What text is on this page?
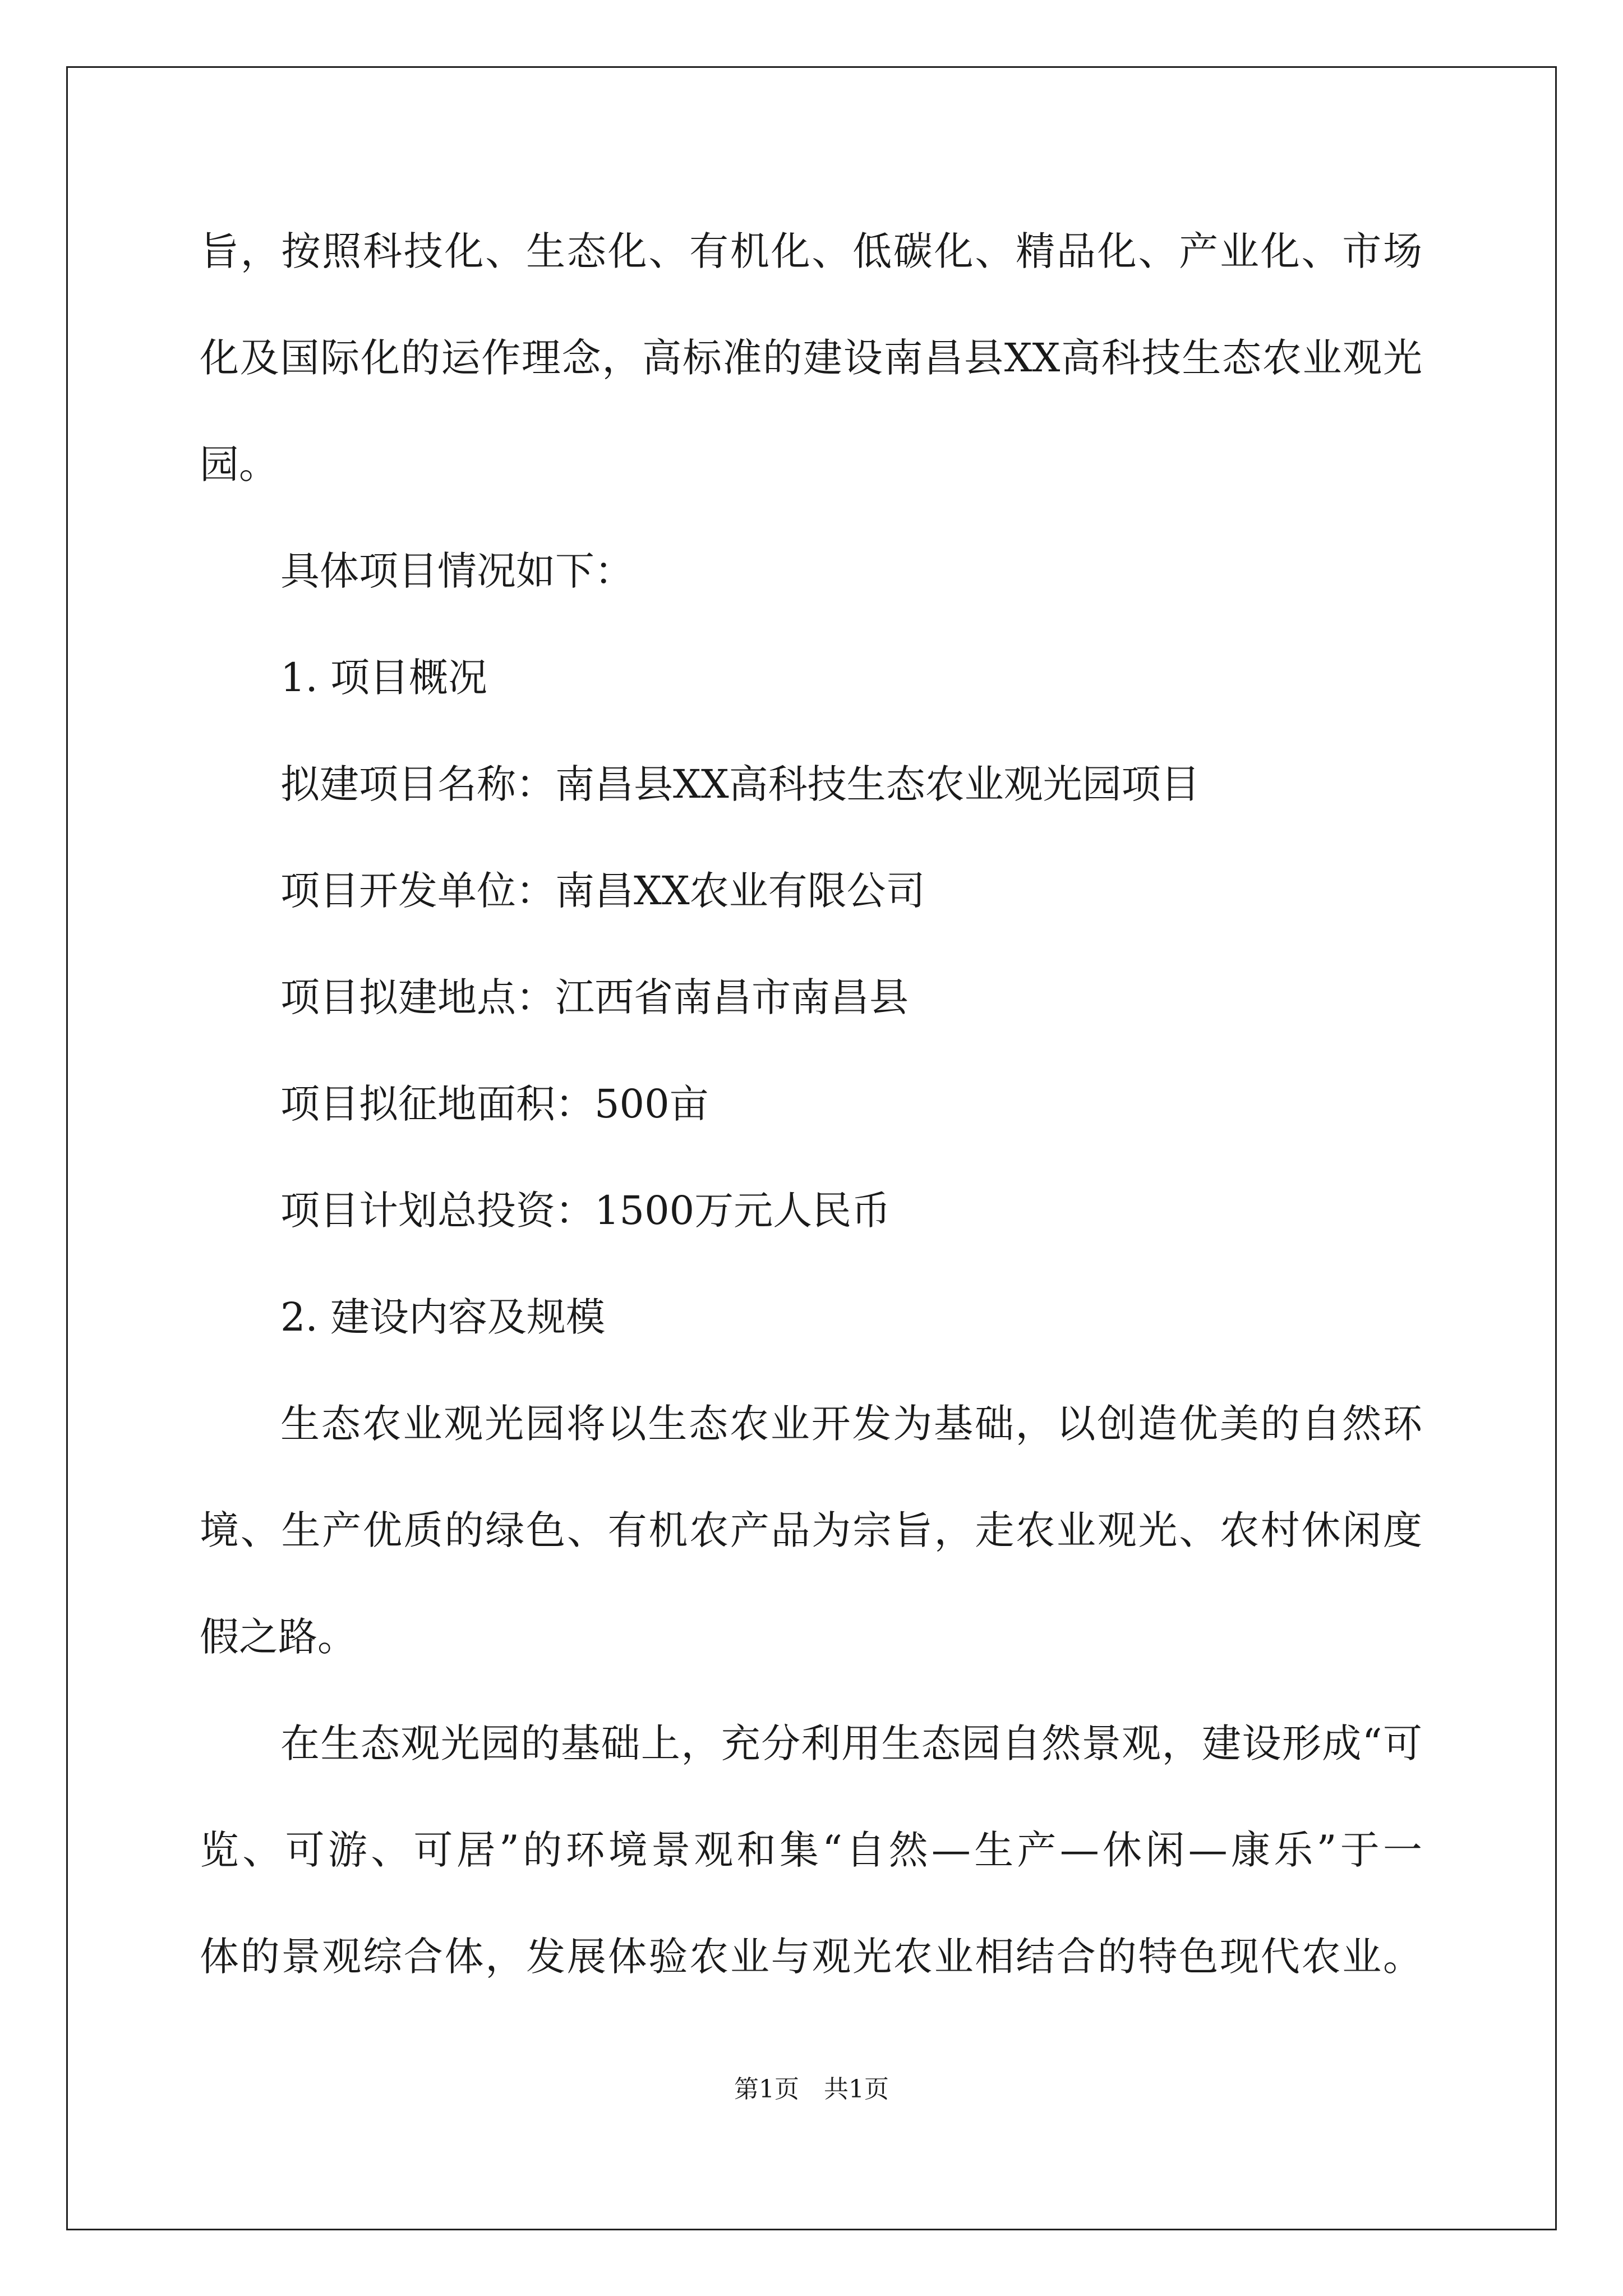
旨，按照科技化、生态化、有机化、低碳化、精品化、产业化、市场
化及国际化的运作理念，高标准的建设南昌县XX高科技生态农业观光
园。
具体项目情况如下：
1. 项目概况
拟建项目名称：南昌县XX高科技生态农业观光园项目
项目开发单位：南昌XX农业有限公司
项目拟建地点：江西省南昌市南昌县
项目拟征地面积：500亩
项目计划总投资：1500万元人民币
2. 建设内容及规模
生态农业观光园将以生态农业开发为基础，以创造优美的自然环
境、生产优质的绿色、有机农产品为宗旨，走农业观光、农村休闲度
假之路。
在生态观光园的基础上，充分利用生态园自然景观，建设形成“可
览、可游、可居”的环境景观和集“自然—生产—休闲—康乐”于一
体的景观综合体，发展体验农业与观光农业相结合的特色现代农业。
第1页　共1页
